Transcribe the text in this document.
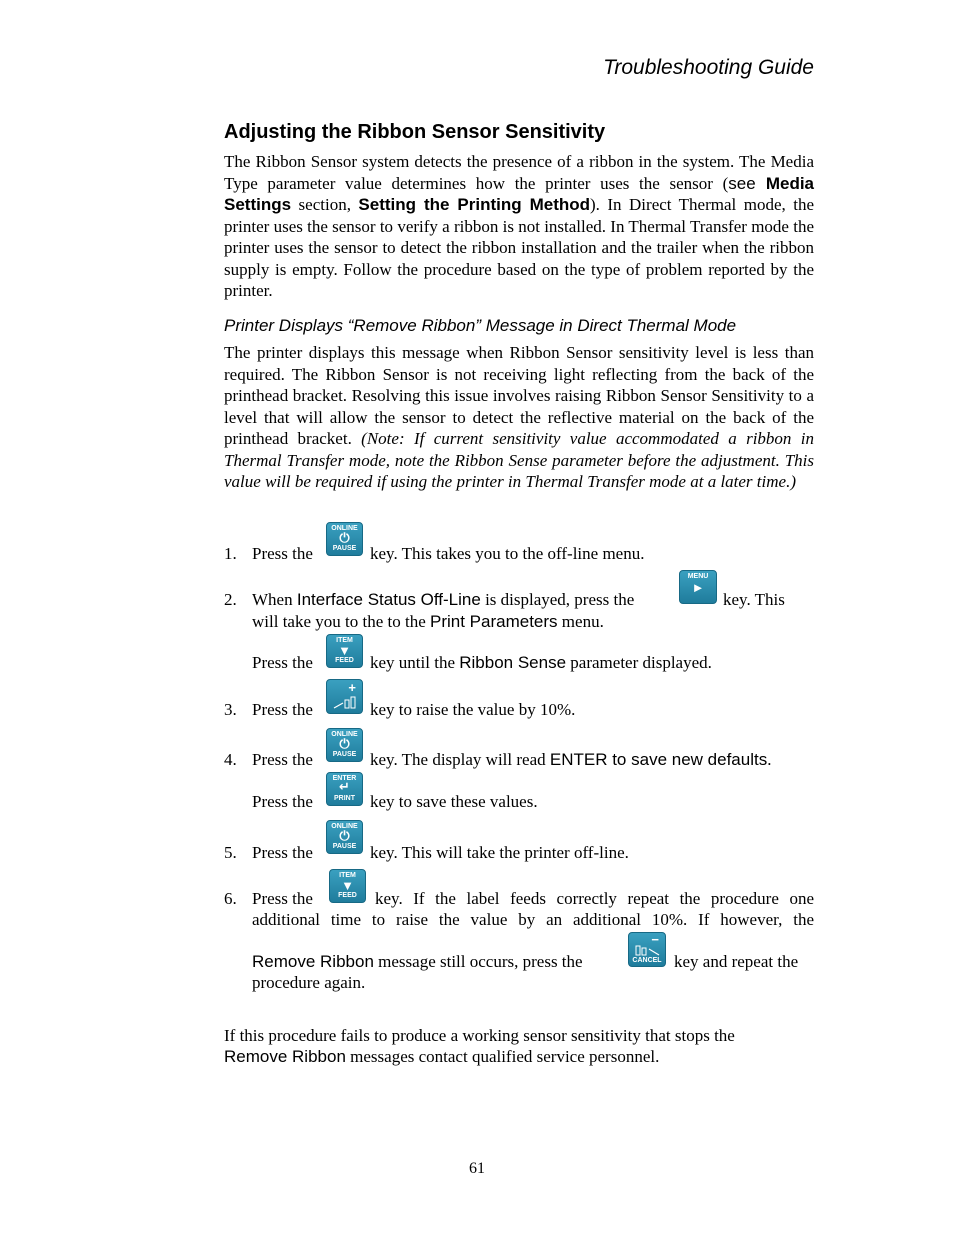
Troubleshooting Guide
Adjusting the Ribbon Sensor Sensitivity
The Ribbon Sensor system detects the presence of a ribbon in the system. The Media Type parameter value determines how the printer uses the sensor (see Media Settings section, Setting the Printing Method). In Direct Thermal mode, the printer uses the sensor to verify a ribbon is not installed. In Thermal Transfer mode the printer uses the sensor to detect the ribbon installation and the trailer when the ribbon supply is empty. Follow the procedure based on the type of problem reported by the printer.
Printer Displays “Remove Ribbon” Message in Direct Thermal Mode
The printer displays this message when Ribbon Sensor sensitivity level is less than required. The Ribbon Sensor is not receiving light reflecting from the back of the printhead bracket. Resolving this issue involves raising Ribbon Sensor Sensitivity to a level that will allow the sensor to detect the reflective material on the back of the printhead bracket. (Note: If current sensitivity value accommodated a ribbon in Thermal Transfer mode, note the Ribbon Sense parameter before the adjustment. This value will be required if using the printer in Thermal Transfer mode at a later time.)
1. Press the
ONLINE
⏻
PAUSE key. This takes you to the off-line menu.
2. When Interface Status Off-Line is displayed, press the
MENU
►
key. This
will take you to the to the Print Parameters menu.
Press the
ITEM
▼
FEED key until the Ribbon Sense parameter displayed.
3. Press the
+
key to raise the value by 10%.
4. Press the
ONLINE
⏻
PAUSE key. The display will read ENTER to save new defaults.
Press the
ENTER
↵
PRINT key to save these values.
5. Press the
ONLINE
⏻
PAUSE key. This will take the printer off-line.
6. Press the
ITEM
▼
FEED	key. If the label feeds correctly repeat the procedure one
additional time to raise the value by an additional 10%. If however, the
Remove Ribbon message still occurs, press the
−
CANCEL key and repeat the
procedure again.
If this procedure fails to produce a working sensor sensitivity that stops the
Remove Ribbon messages contact qualified service personnel.
61
